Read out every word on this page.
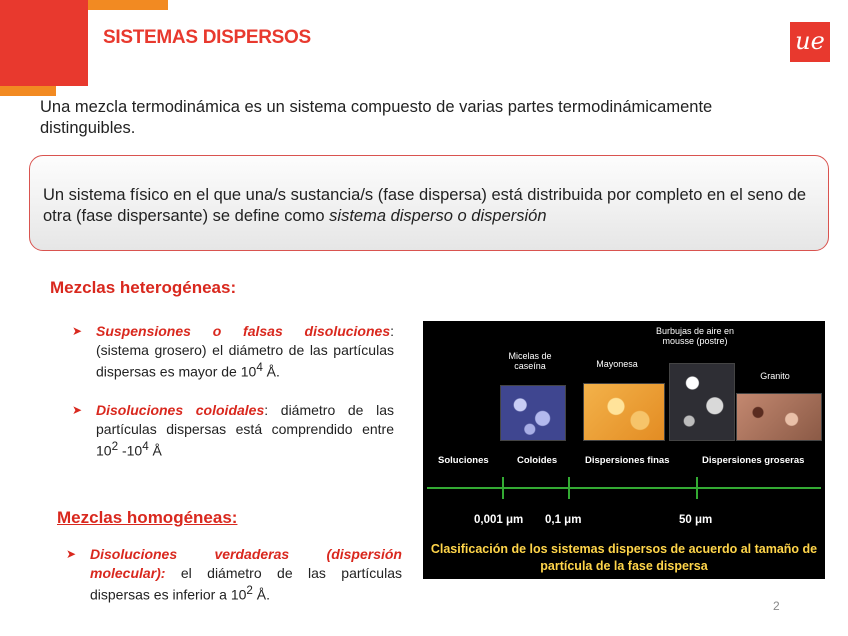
SISTEMAS DISPERSOS	ue
Una mezcla termodinámica es un sistema compuesto de varias partes termodinámicamente distinguibles.
Un sistema físico en el que una/s sustancia/s (fase dispersa) está distribuida por completo en el seno de otra (fase dispersante) se define como sistema disperso o dispersión
Mezclas heterogéneas:
➤ Suspensiones o falsas disoluciones: (sistema grosero) el diámetro de las partículas dispersas es mayor de $10^4$ Å.
➤ Disoluciones coloidales: diámetro de las partículas dispersas está comprendido entre $10^2$ $-10^4$ Å
Mezclas homogéneas:
➤ Disoluciones verdaderas (dispersión molecular): el diámetro de las partículas dispersas es inferior a $10^2$ Å.
Micelas de caseína	Mayonesa
Burbujas de aire en mousse (postre)
Granito
Soluciones	Coloides	Dispersiones finas	Dispersiones groseras
0,001 μm 0,1 μm	50 μm
Clasificación de los sistemas dispersos de acuerdo al tamaño de partícula de la fase dispersa
2
